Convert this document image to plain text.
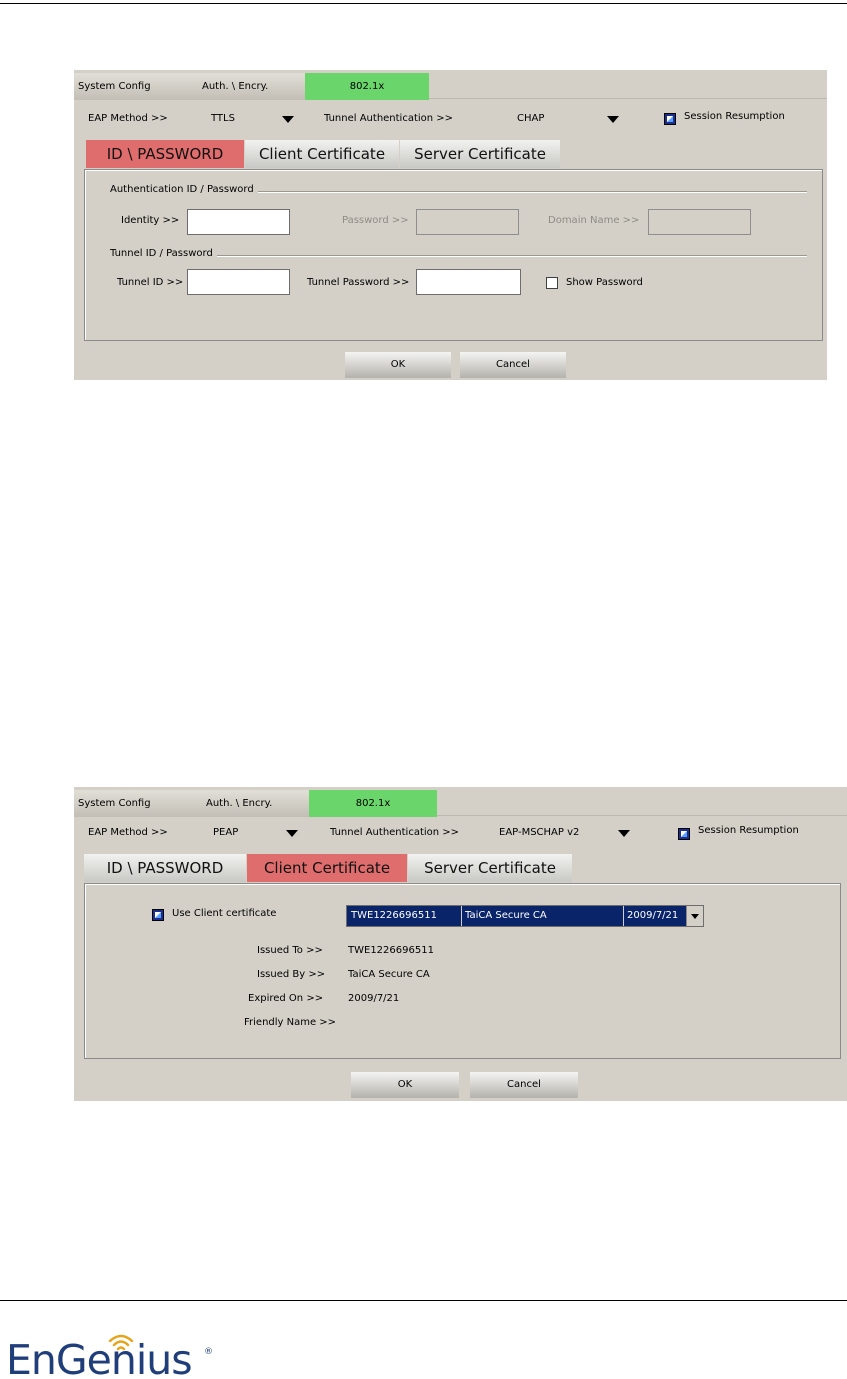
System Config	Auth. \ Encry.	802.1x
EAP Method >>	TTLS	Tunnel Authentication >>	CHAP	Session Resumption
ID \ PASSWORD	Client Certificate	Server Certificate
Authentication ID / Password
Identity >>	Password >>	Domain Name >>
Tunnel ID / Password
Tunnel ID >>	Tunnel Password >>	Show Password
OK	Cancel
System Config	Auth. \ Encry.	802.1x
EAP Method >>	PEAP	Tunnel Authentication >>	EAP-MSCHAP v2	Session Resumption
ID \ PASSWORD	Client Certificate	Server Certificate
Use Client certificate	TWE1226696511	TaiCA Secure CA	2009/7/21
Issued To >>	TWE1226696511
Issued By >> TaiCA Secure CA
Expired On >> 2009/7/21
Friendly Name >>
OK	Cancel
EnGenius ®
